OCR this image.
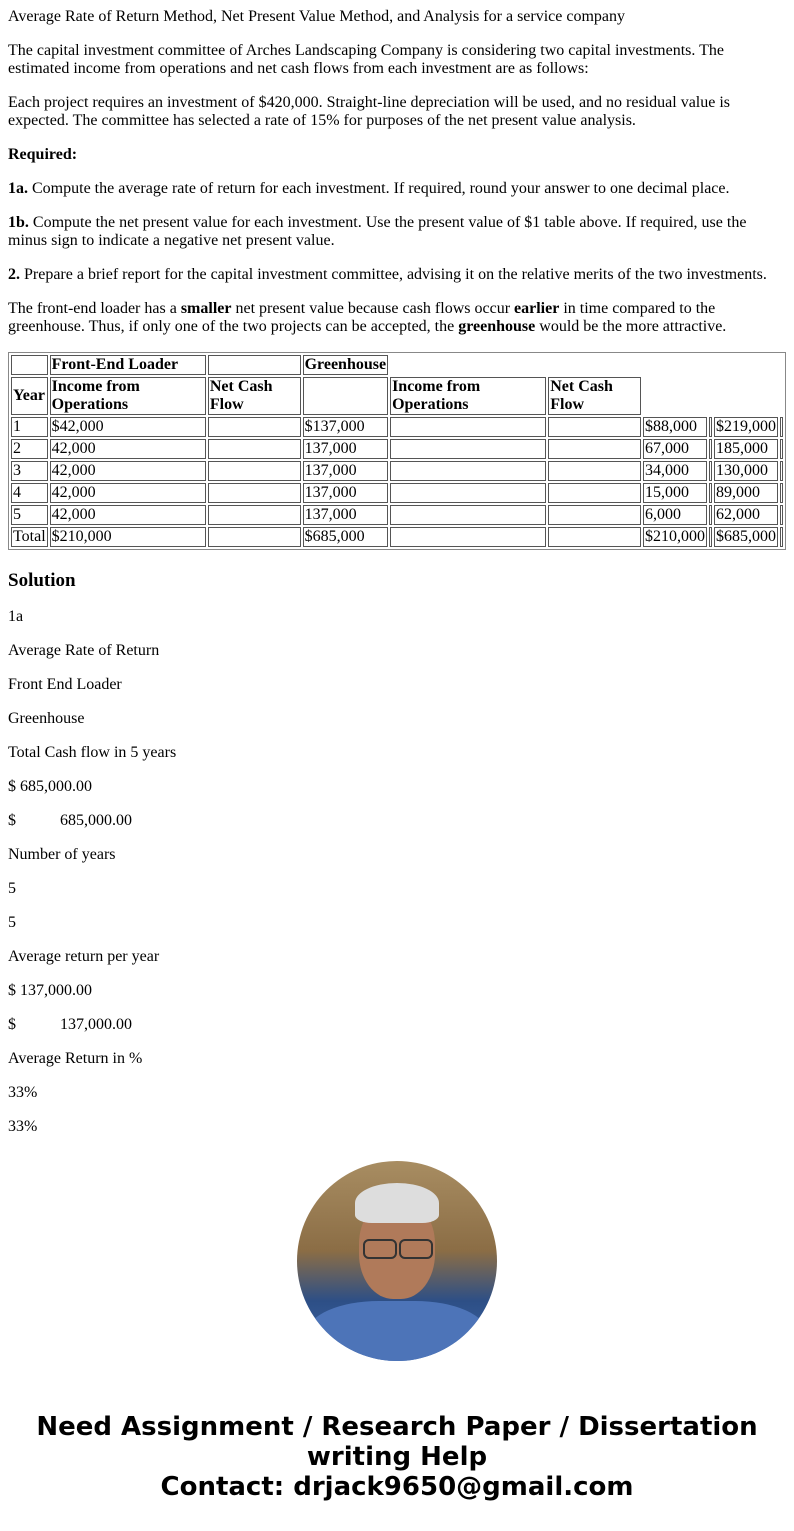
Average Rate of Return Method, Net Present Value Method, and Analysis for a service company

The capital investment committee of Arches Landscaping Company is considering two capital investments. The estimated income from operations and net cash flows from each investment are as follows:

Each project requires an investment of $420,000. Straight-line depreciation will be used, and no residual value is expected. The committee has selected a rate of 15% for purposes of the net present value analysis.

Required:

1a. Compute the average rate of return for each investment. If required, round your answer to one decimal place.

1b. Compute the net present value for each investment. Use the present value of $1 table above. If required, use the minus sign to indicate a negative net present value.

2. Prepare a brief report for the capital investment committee, advising it on the relative merits of the two investments.

The front-end loader has a smaller net present value because cash flows occur earlier in time compared to the greenhouse. Thus, if only one of the two projects can be accepted, the greenhouse would be the more attractive.

	Front-End Loader		Greenhouse						
Year	Income from Operations	Net Cash Flow		Income from Operations	Net Cash Flow				
1	$42,000		$137,000			$88,000		$219,000	
2	42,000		137,000			67,000		185,000	
3	42,000		137,000			34,000		130,000	
4	42,000		137,000			15,000		89,000	
5	42,000		137,000			6,000		62,000	
Total	$210,000		$685,000			$210,000		$685,000	
Solution

1a

Average Rate of Return

Front End Loader

Greenhouse

Total Cash flow in 5 years

$ 685,000.00

$           685,000.00

Number of years

5

5

Average return per year

$ 137,000.00

$           137,000.00

Average Return in %

33%

33%

Need Assignment / Research Paper / Dissertation writing Help
Contact: drjack9650@gmail.com
